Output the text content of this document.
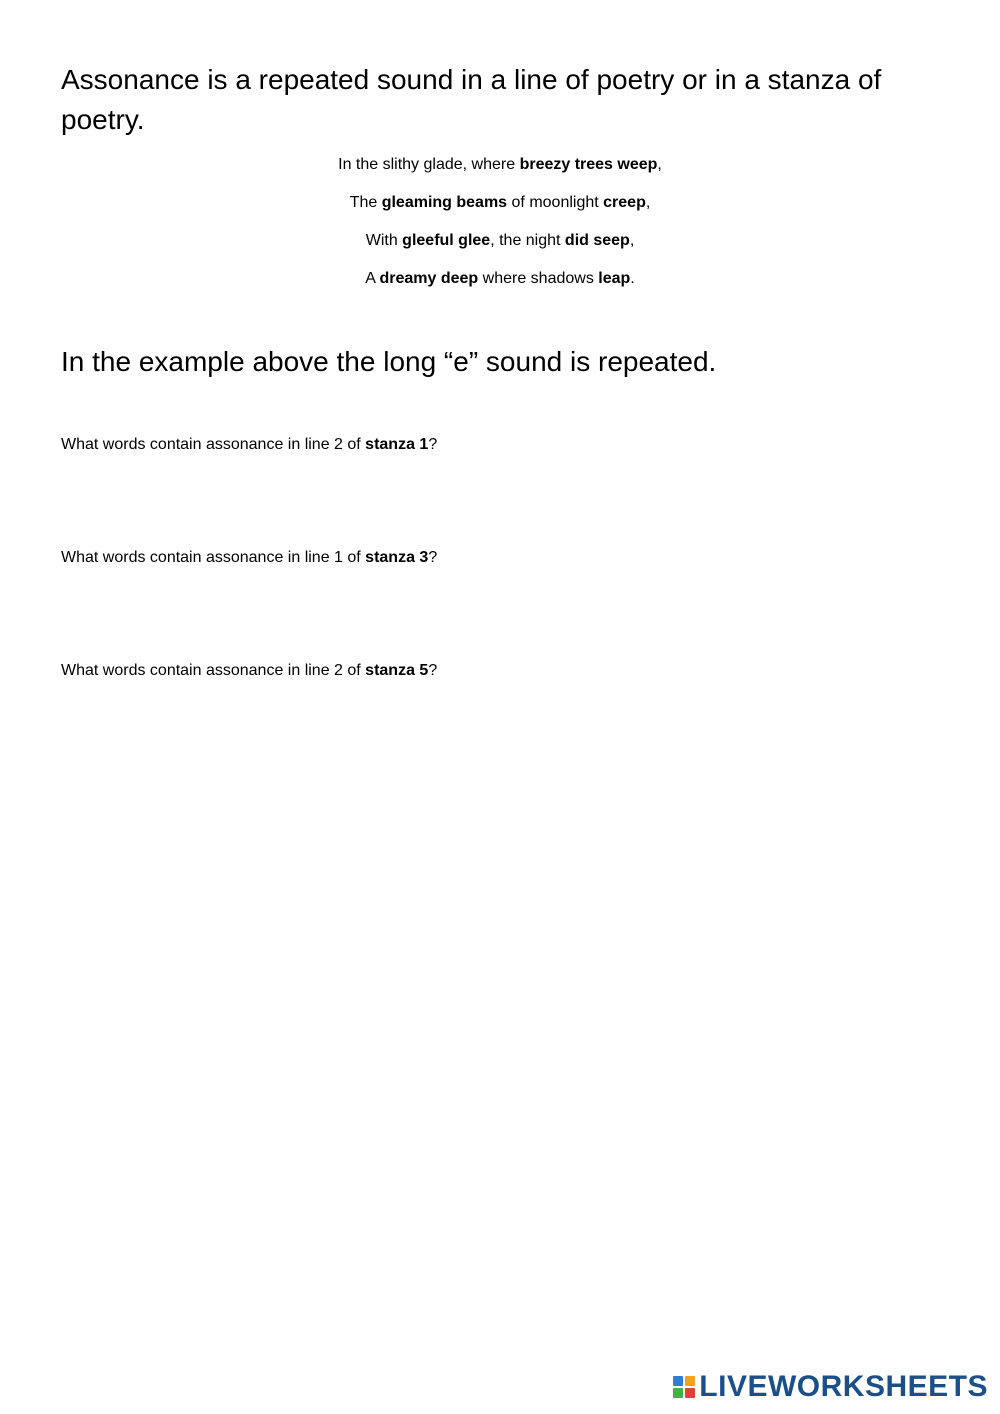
Assonance is a repeated sound in a line of poetry or in a stanza of poetry.

In the slithy glade, where breezy trees weep,
The gleaming beams of moonlight creep,
With gleeful glee, the night did seep,
A dreamy deep where shadows leap.

In the example above the long “e” sound is repeated.

What words contain assonance in line 2 of stanza 1?
What words contain assonance in line 1 of stanza 3?
What words contain assonance in line 2 of stanza 5?
LIVEWORKSHEETS
